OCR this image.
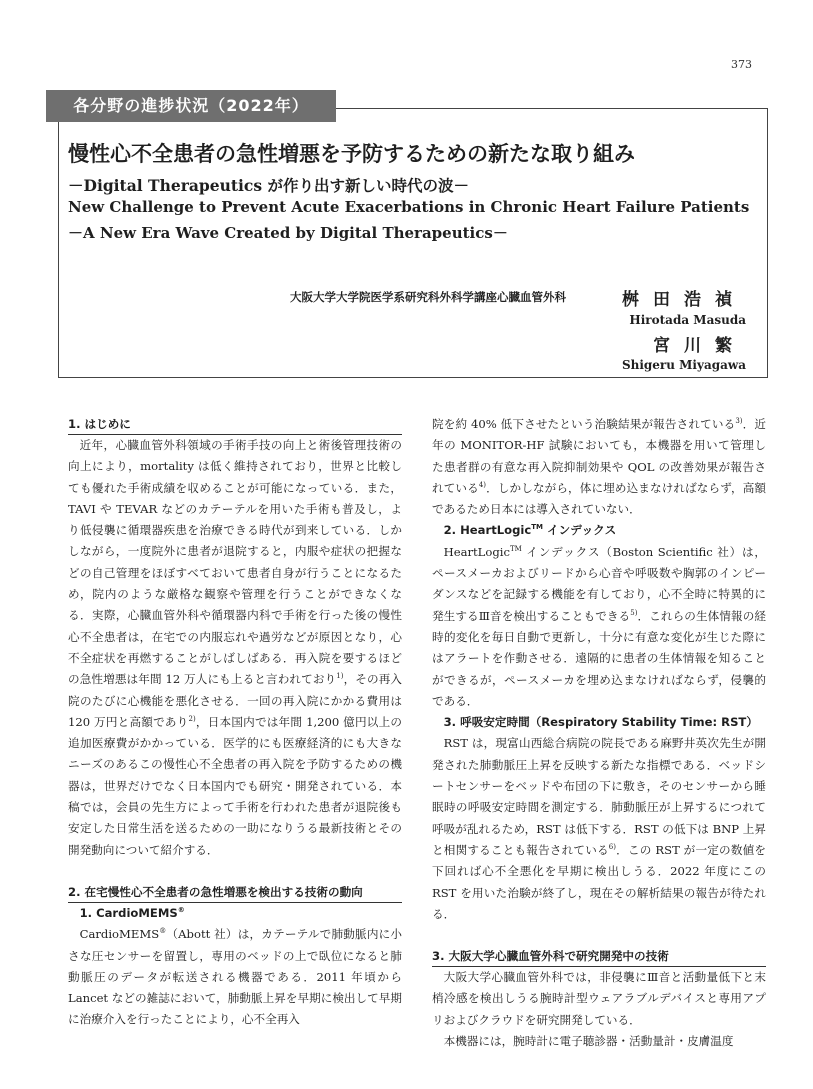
373
各分野の進捗状況（2022年）
慢性心不全患者の急性増悪を予防するための新たな取り組み
－Digital Therapeutics が作り出す新しい時代の波－
New Challenge to Prevent Acute Exacerbations in Chronic Heart Failure Patients
－A New Era Wave Created by Digital Therapeutics－
大阪大学大学院医学系研究科外科学講座心臓血管外科	桝田浩禎
Hirotada Masuda
宮川繁
Shigeru Miyagawa
1. はじめに

近年，心臓血管外科領域の手術手技の向上と術後管理技術の向上により，mortality は低く維持されており，世界と比較しても優れた手術成績を収めることが可能になっている．また，TAVI や TEVAR などのカテーテルを用いた手術も普及し，より低侵襲に循環器疾患を治療できる時代が到来している．しかしながら，一度院外に患者が退院すると，内服や症状の把握などの自己管理をほぼすべておいて患者自身が行うことになるため，院内のような厳格な観察や管理を行うことができなくなる．実際，心臓血管外科や循環器内科で手術を行った後の慢性心不全患者は，在宅での内服忘れや過労などが原因となり，心不全症状を再燃することがしばしばある．再入院を要するほどの急性増悪は年間 12 万人にも上ると言われており$^{1)}$，その再入院のたびに心機能を悪化させる．一回の再入院にかかる費用は 120 万円と高額であり$^{2)}$，日本国内では年間 1,200 億円以上の追加医療費がかかっている．医学的にも医療経済的にも大きなニーズのあるこの慢性心不全患者の再入院を予防するための機器は，世界だけでなく日本国内でも研究・開発されている．本稿では，会員の先生方によって手術を行われた患者が退院後も安定した日常生活を送るための一助になりうる最新技術とその開発動向について紹介する．

2. 在宅慢性心不全患者の急性増悪を検出する技術の動向
1. CardioMEMS®

CardioMEMS®（Abott 社）は，カテーテルで肺動脈内に小さな圧センサーを留置し，専用のベッドの上で臥位になると肺動脈圧のデータが転送される機器である．2011 年頃から Lancet などの雑誌において，肺動脈上昇を早期に検出して早期に治療介入を行ったことにより，心不全再入

院を約 40% 低下させたという治験結果が報告されている$^{3)}$．近年の MONITOR-HF 試験においても，本機器を用いて管理した患者群の有意な再入院抑制効果や QOL の改善効果が報告されている$^{4)}$．しかしながら，体に埋め込まなければならず，高額であるため日本には導入されていない．

2. HeartLogic™ インデックス

HeartLogic™ インデックス（Boston Scientific 社）は，ペースメーカおよびリードから心音や呼吸数や胸郭のインピーダンスなどを記録する機能を有しており，心不全時に特異的に発生するⅢ音を検出することもできる$^{5)}$．これらの生体情報の経時的変化を毎日自動で更新し，十分に有意な変化が生じた際にはアラートを作動させる．遠隔的に患者の生体情報を知ることができるが，ペースメーカを埋め込まなければならず，侵襲的である．

3. 呼吸安定時間（Respiratory Stability Time: RST）

RST は，現富山西総合病院の院長である麻野井英次先生が開発された肺動脈圧上昇を反映する新たな指標である．ベッドシートセンサーをベッドや布団の下に敷き，そのセンサーから睡眠時の呼吸安定時間を測定する．肺動脈圧が上昇するにつれて呼吸が乱れるため，RST は低下する．RST の低下は BNP 上昇と相関することも報告されている$^{6)}$．この RST が一定の数値を下回れば心不全悪化を早期に検出しうる．2022 年度にこの RST を用いた治験が終了し，現在その解析結果の報告が待たれる．

3. 大阪大学心臓血管外科で研究開発中の技術

大阪大学心臓血管外科では，非侵襲にⅢ音と活動量低下と末梢冷感を検出しうる腕時計型ウェアラブルデバイスと専用アプリおよびクラウドを研究開発している．

本機器には，腕時計に電子聴診器・活動量計・皮膚温度
